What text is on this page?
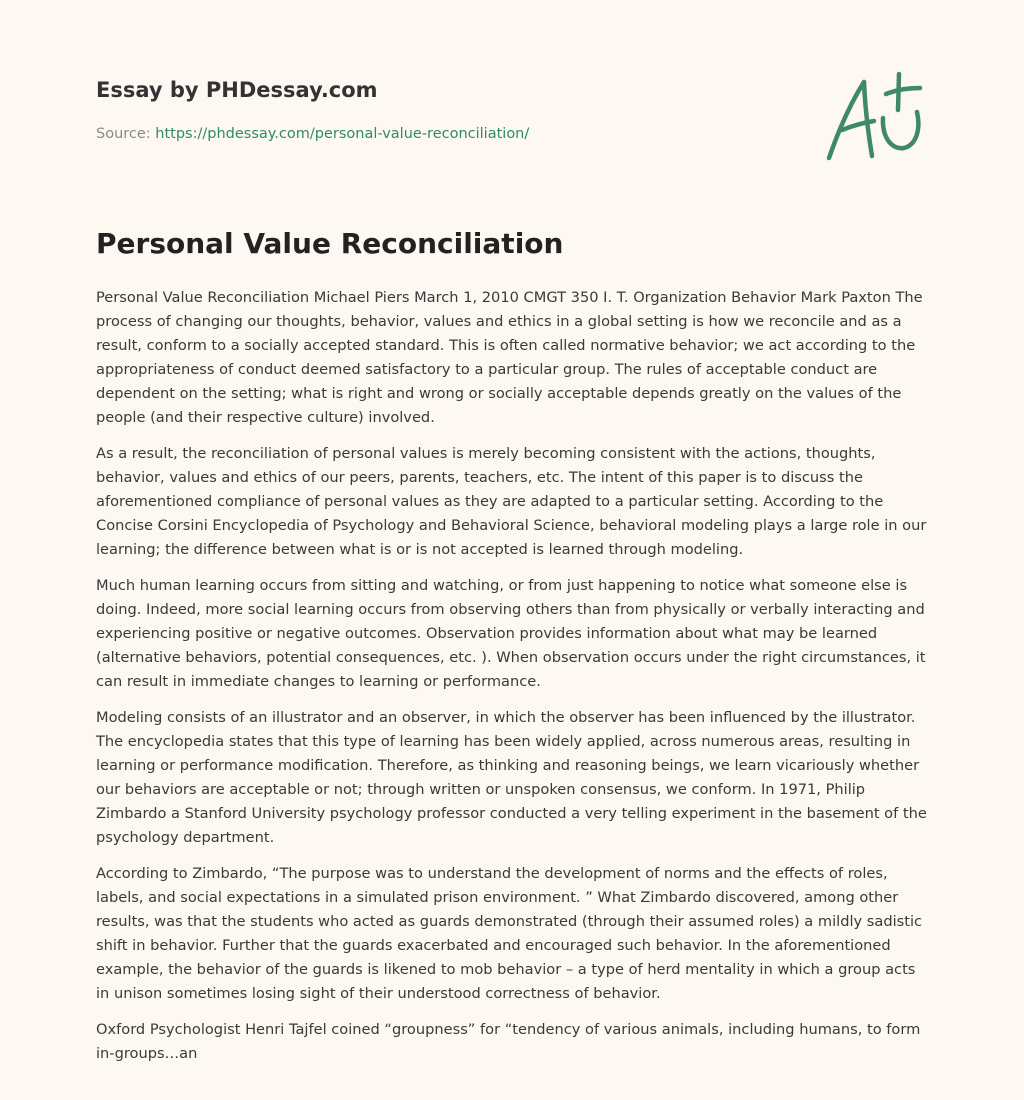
Essay by PHDessay.com

Source: https://phdessay.com/personal-value-reconciliation/
Personal Value Reconciliation

Personal Value Reconciliation Michael Piers March 1, 2010 CMGT 350 I. T. Organization Behavior Mark Paxton The process of changing our thoughts, behavior, values and ethics in a global setting is how we reconcile and as a result, conform to a socially accepted standard. This is often called normative behavior; we act according to the appropriateness of conduct deemed satisfactory to a particular group. The rules of acceptable conduct are dependent on the setting; what is right and wrong or socially acceptable depends greatly on the values of the people (and their respective culture) involved.

As a result, the reconciliation of personal values is merely becoming consistent with the actions, thoughts, behavior, values and ethics of our peers, parents, teachers, etc. The intent of this paper is to discuss the aforementioned compliance of personal values as they are adapted to a particular setting. According to the Concise Corsini Encyclopedia of Psychology and Behavioral Science, behavioral modeling plays a large role in our learning; the difference between what is or is not accepted is learned through modeling.

Much human learning occurs from sitting and watching, or from just happening to notice what someone else is doing. Indeed, more social learning occurs from observing others than from physically or verbally interacting and experiencing positive or negative outcomes. Observation provides information about what may be learned (alternative behaviors, potential consequences, etc. ). When observation occurs under the right circumstances, it can result in immediate changes to learning or performance.

Modeling consists of an illustrator and an observer, in which the observer has been influenced by the illustrator. The encyclopedia states that this type of learning has been widely applied, across numerous areas, resulting in learning or performance modification. Therefore, as thinking and reasoning beings, we learn vicariously whether our behaviors are acceptable or not; through written or unspoken consensus, we conform. In 1971, Philip Zimbardo a Stanford University psychology professor conducted a very telling experiment in the basement of the psychology department.

According to Zimbardo, “The purpose was to understand the development of norms and the effects of roles, labels, and social expectations in a simulated prison environment. ” What Zimbardo discovered, among other results, was that the students who acted as guards demonstrated (through their assumed roles) a mildly sadistic shift in behavior. Further that the guards exacerbated and encouraged such behavior. In the aforementioned example, the behavior of the guards is likened to mob behavior – a type of herd mentality in which a group acts in unison sometimes losing sight of their understood correctness of behavior.

Oxford Psychologist Henri Tajfel coined “groupness” for “tendency of various animals, including humans, to form in-groups…an
